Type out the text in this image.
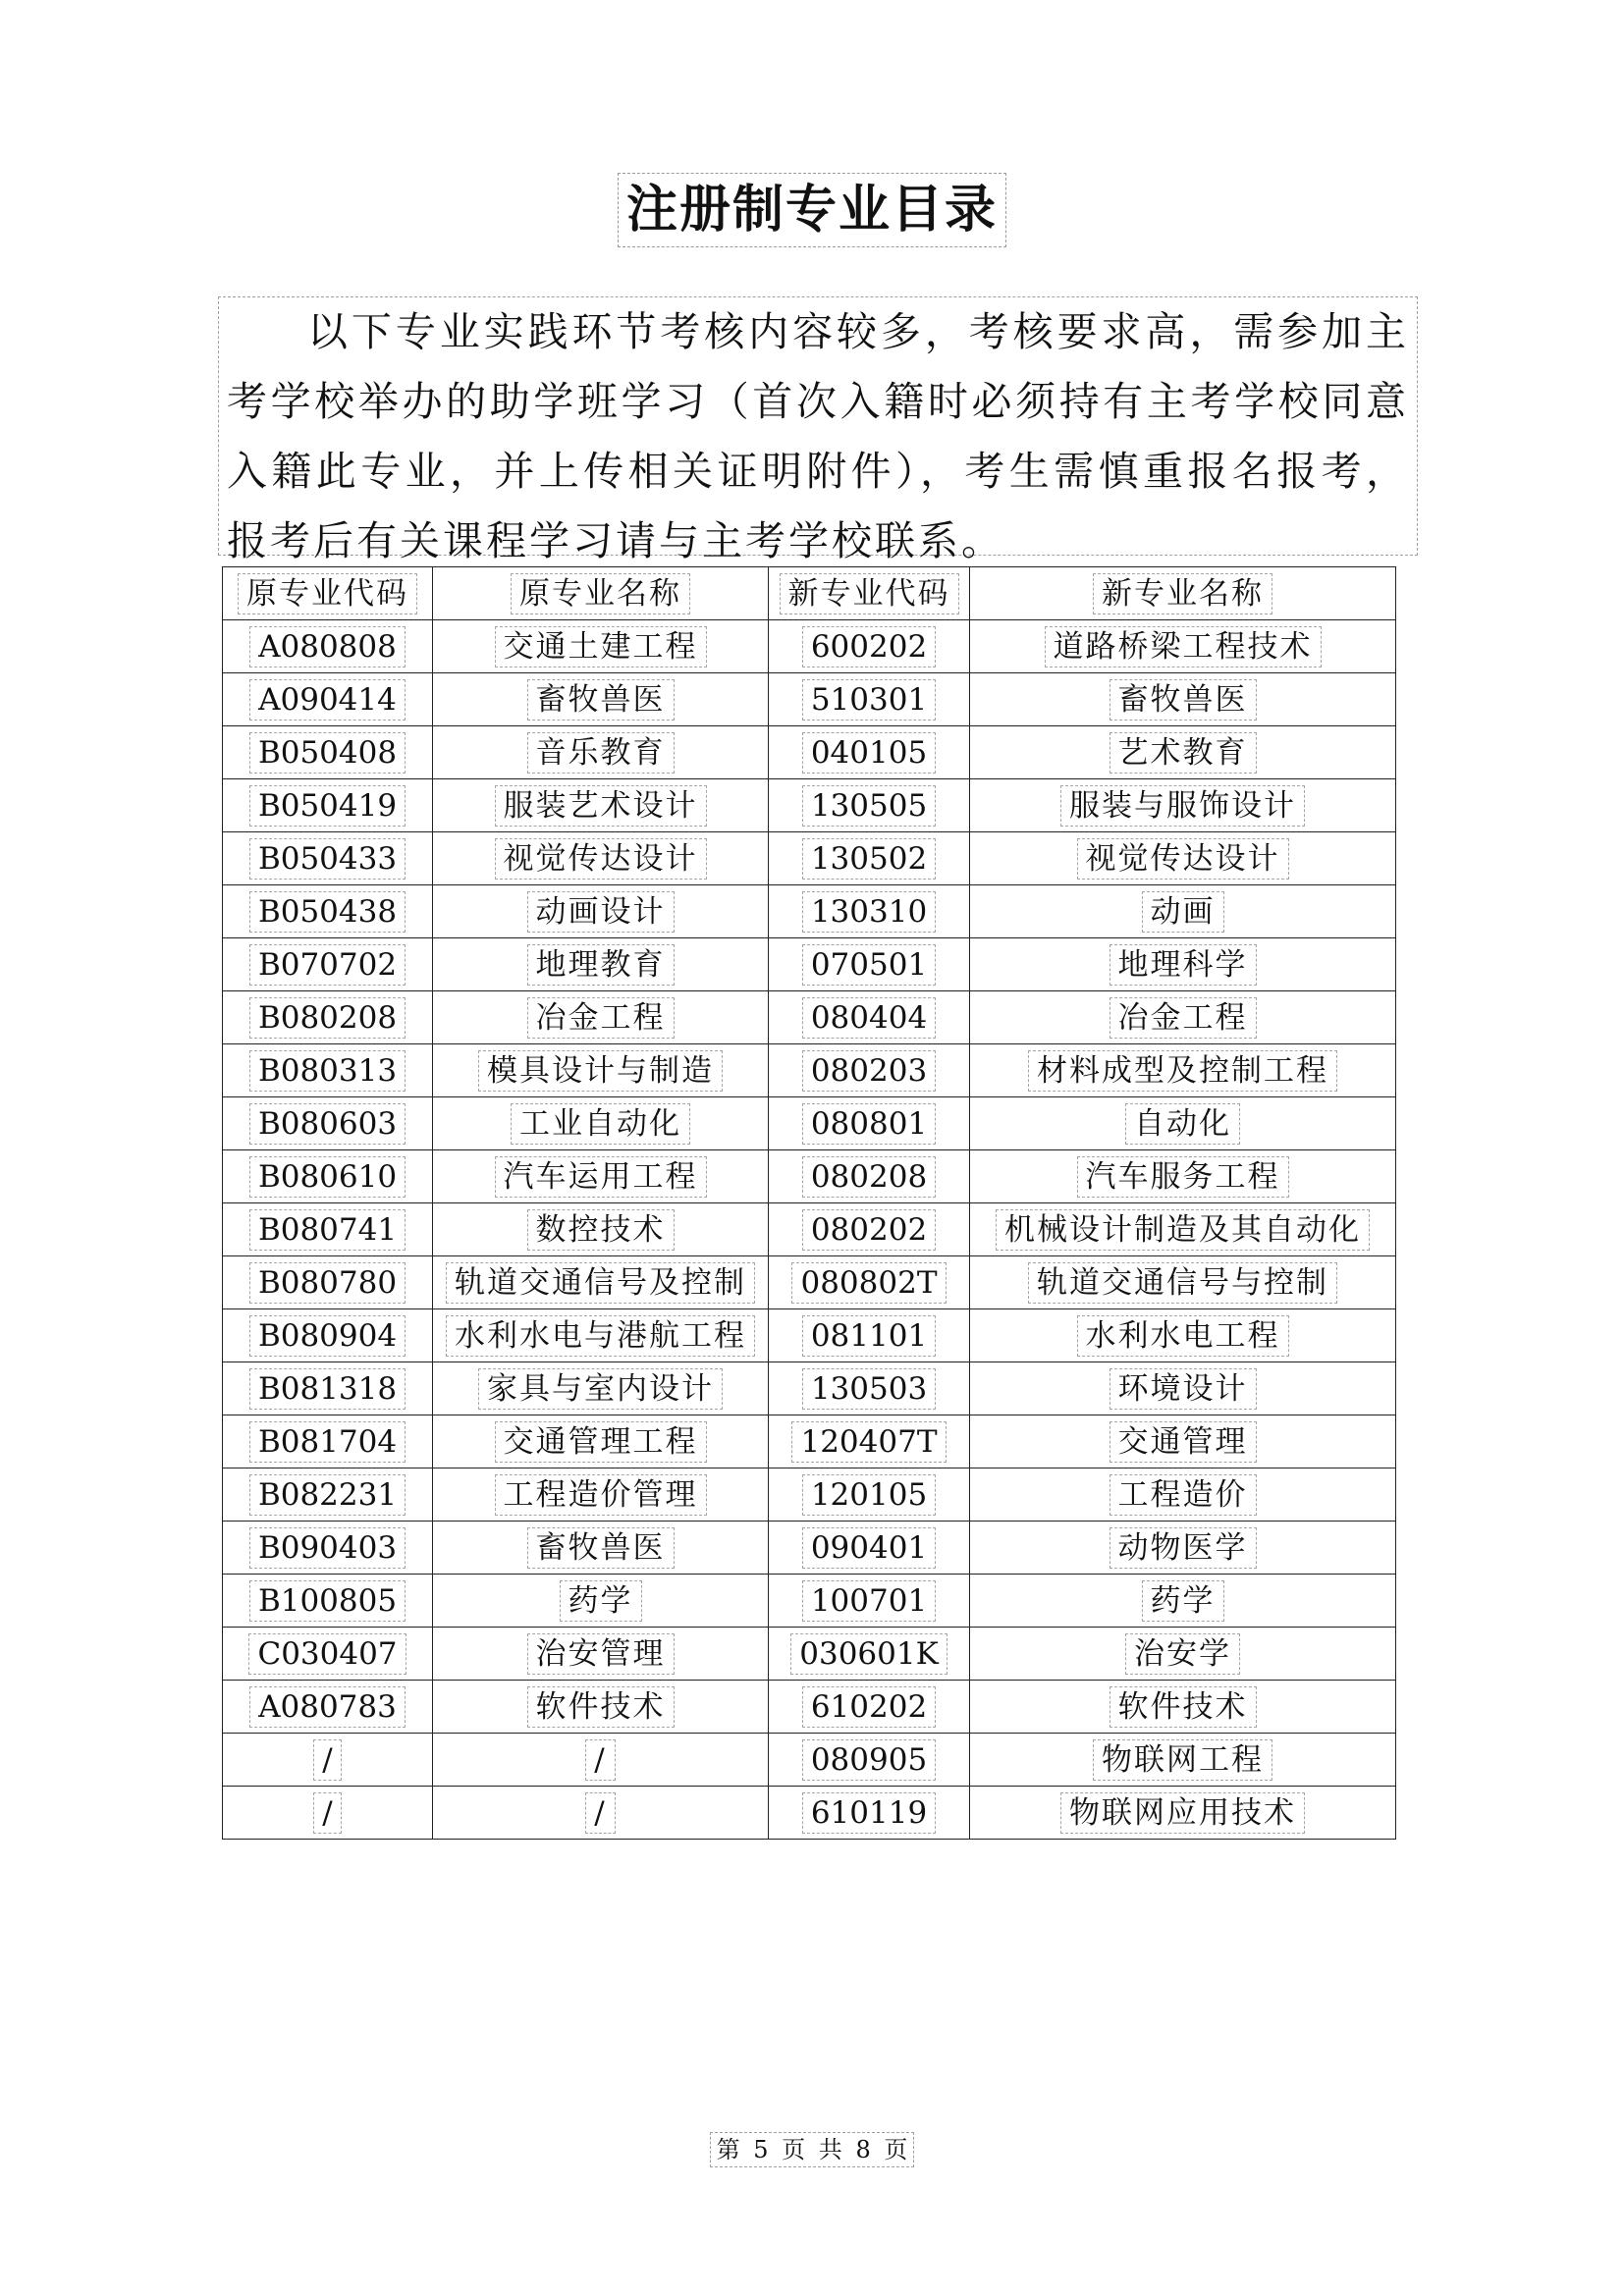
注册制专业目录

以下专业实践环节考核内容较多，考核要求高，需参加主考学校举办的助学班学习（首次入籍时必须持有主考学校同意入籍此专业，并上传相关证明附件），考生需慎重报名报考，报考后有关课程学习请与主考学校联系。

原专业代码	原专业名称	新专业代码	新专业名称
A080808	交通土建工程	600202	道路桥梁工程技术
A090414	畜牧兽医	510301	畜牧兽医
B050408	音乐教育	040105	艺术教育
B050419	服装艺术设计	130505	服装与服饰设计
B050433	视觉传达设计	130502	视觉传达设计
B050438	动画设计	130310	动画
B070702	地理教育	070501	地理科学
B080208	冶金工程	080404	冶金工程
B080313	模具设计与制造	080203	材料成型及控制工程
B080603	工业自动化	080801	自动化
B080610	汽车运用工程	080208	汽车服务工程
B080741	数控技术	080202	机械设计制造及其自动化
B080780	轨道交通信号及控制	080802T	轨道交通信号与控制
B080904	水利水电与港航工程	081101	水利水电工程
B081318	家具与室内设计	130503	环境设计
B081704	交通管理工程	120407T	交通管理
B082231	工程造价管理	120105	工程造价
B090403	畜牧兽医	090401	动物医学
B100805	药学	100701	药学
C030407	治安管理	030601K	治安学
A080783	软件技术	610202	软件技术
/	/	080905	物联网工程
/	/	610119	物联网应用技术
第 5 页 共 8 页
